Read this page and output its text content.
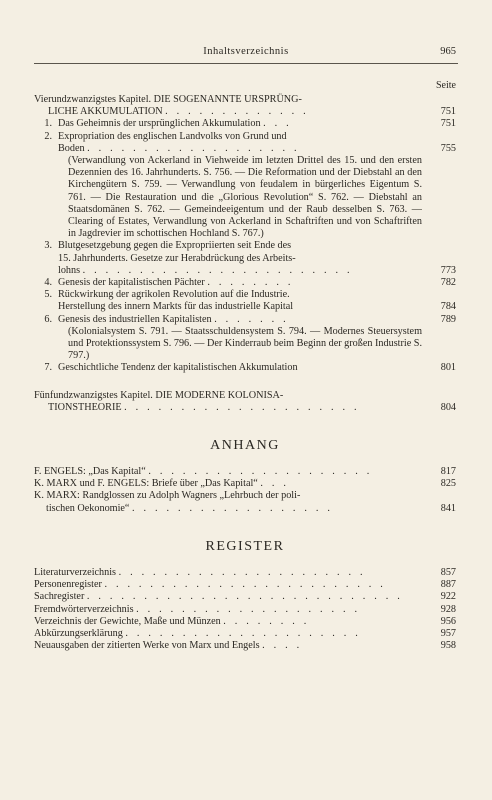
Inhaltsverzeichnis	965
Seite
Vierundzwanzigstes Kapitel. DIE SOGENANNTE URSPRÜNG-
LICHE AKKUMULATION . . . . . . . . . . . . .	751
1. Das Geheimnis der ursprünglichen Akkumulation . . .	751
2. Expropriation des englischen Landvolks von Grund und
Boden . . . . . . . . . . . . . . . . . . .	755
(Verwandlung von Ackerland in Viehweide im letzten Drittel des 15. und den ersten Dezennien des 16. Jahrhunderts. S. 756. — Die Reformation und der Diebstahl an den Kirchengütern S. 759. — Verwandlung von feudalem in bürgerliches Eigentum S. 761. — Die Restauration und die „Glorious Revolution“ S. 762. — Diebstahl an Staatsdomänen S. 762. — Gemeindeeigentum und der Raub desselben S. 763. — Clearing of Estates, Verwandlung von Ackerland in Schaftriften und von Schaftriften in Jagdrevier im schottischen Hochland S. 767.)
3. Blutgesetzgebung gegen die Expropriierten seit Ende des
15. Jahrhunderts. Gesetze zur Herabdrückung des Arbeits-
lohns . . . . . . . . . . . . . . . . . . . . . . . .	773
4. Genesis der kapitalistischen Pächter . . . . . . . .	782
5. Rückwirkung der agrikolen Revolution auf die Industrie.
Herstellung des innern Markts für das industrielle Kapital	784
6. Genesis des industriellen Kapitalisten . . . . . . .	789
(Kolonialsystem S. 791. — Staatsschuldensystem S. 794. — Modernes Steuersystem und Protektionssystem S. 796. — Der Kinderraub beim Beginn der großen Industrie S. 797.)
7. Geschichtliche Tendenz der kapitalistischen Akkumulation	801
Fünfundzwanzigstes Kapitel. DIE MODERNE KOLONISA-
TIONSTHEORIE . . . . . . . . . . . . . . . . . . . . .	804
ANHANG
F. ENGELS: „Das Kapital“ . . . . . . . . . . . . . . . . . . . .	817
K. MARX und F. ENGELS: Briefe über „Das Kapital“ . . .	825
K. MARX: Randglossen zu Adolph Wagners „Lehrbuch der poli-
tischen Oekonomie“ . . . . . . . . . . . . . . . . . .	841
REGISTER
Literaturverzeichnis . . . . . . . . . . . . . . . . . . . . . .	857
Personenregister . . . . . . . . . . . . . . . . . . . . . . . . .	887
Sachregister . . . . . . . . . . . . . . . . . . . . . . . . . . . .	922
Fremdwörterverzeichnis . . . . . . . . . . . . . . . . . . . .	928
Verzeichnis der Gewichte, Maße und Münzen . . . . . . . .	956
Abkürzungserklärung . . . . . . . . . . . . . . . . . . . . .	957
Neuausgaben der zitierten Werke von Marx und Engels . . . .	958
